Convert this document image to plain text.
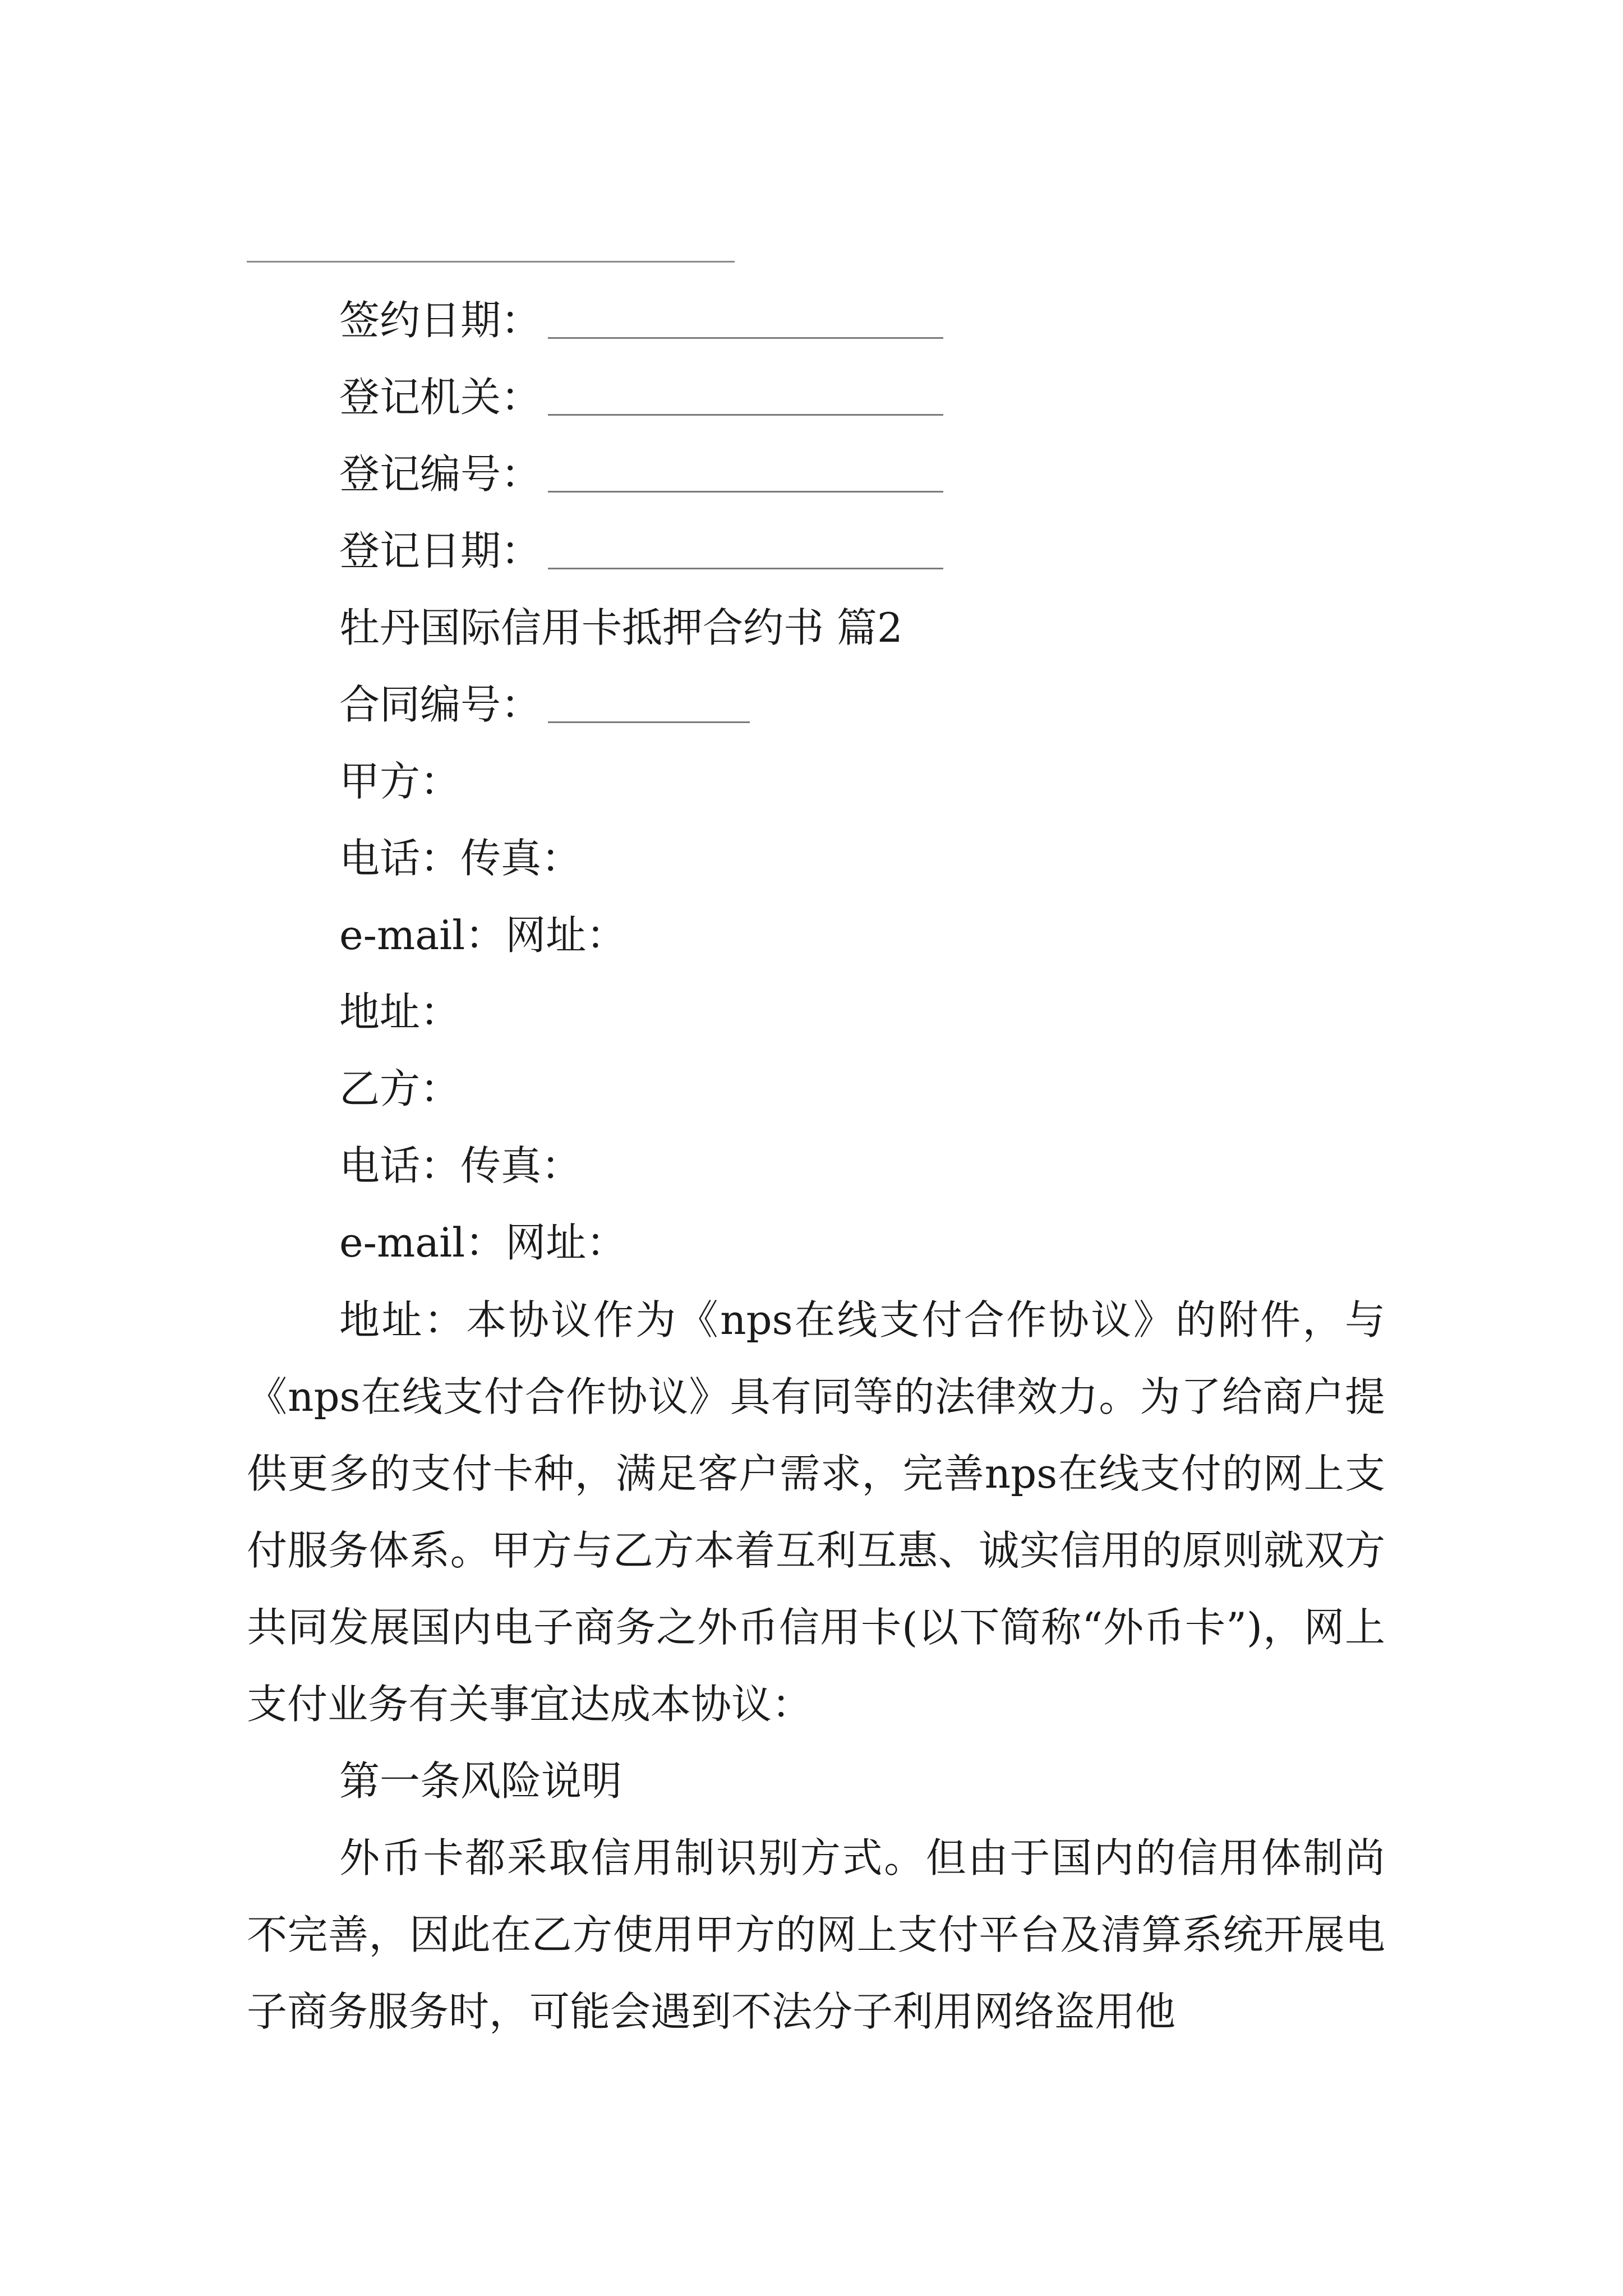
签约日期：
登记机关：
登记编号：
登记日期：
牡丹国际信用卡抵押合约书 篇2
合同编号：
甲方：
电话：传真：
e-mail：网址：
地址：
乙方：
电话：传真：
e-mail：网址：
地址：本协议作为《nps在线支付合作协议》的附件，与《nps在线支付合作协议》具有同等的法律效力。为了给商户提供更多的支付卡种，满足客户需求，完善nps在线支付的网上支付服务体系。甲方与乙方本着互利互惠、诚实信用的原则就双方共同发展国内电子商务之外币信用卡(以下简称“外币卡”)，网上支付业务有关事宜达成本协议：
第一条风险说明
外币卡都采取信用制识别方式。但由于国内的信用体制尚不完善，因此在乙方使用甲方的网上支付平台及清算系统开展电子商务服务时，可能会遇到不法分子利用网络盗用他
